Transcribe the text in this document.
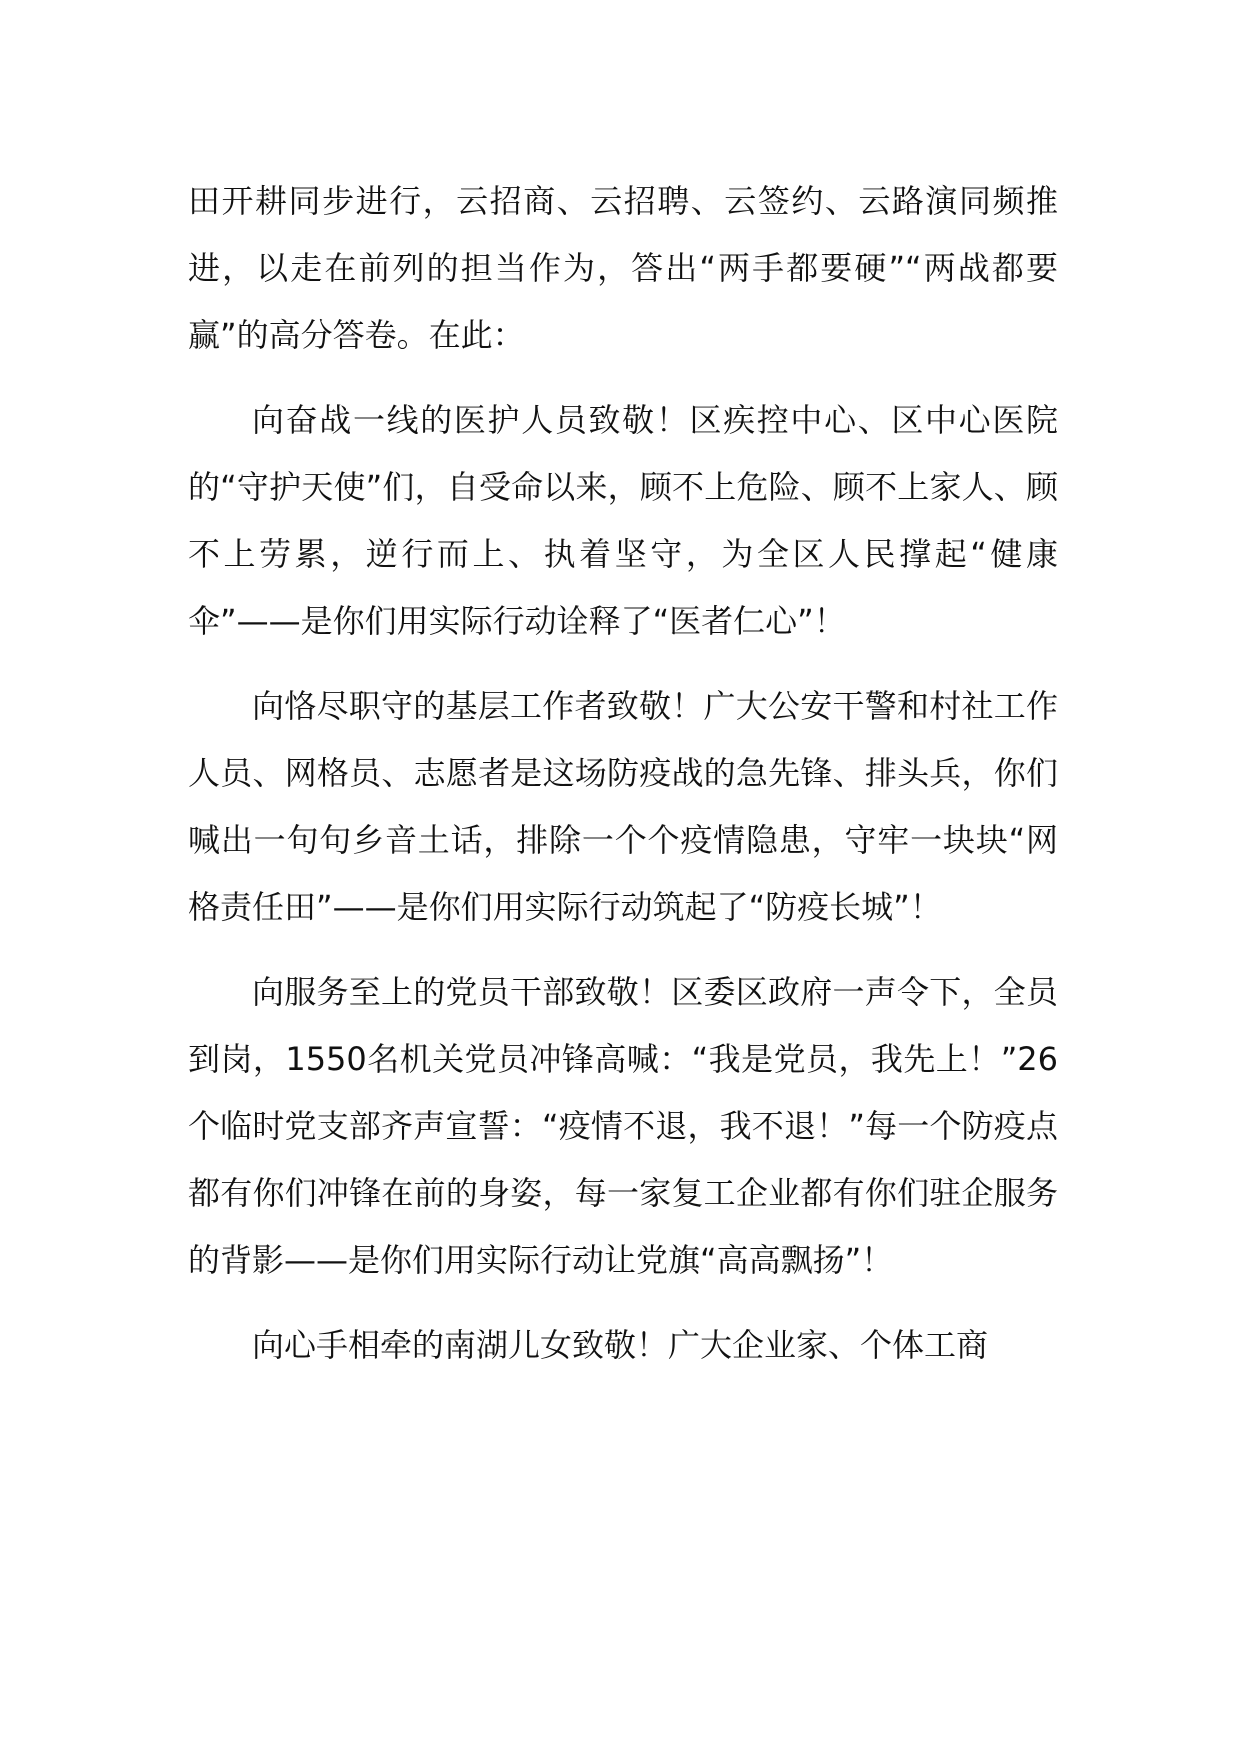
田开耕同步进行，云招商、云招聘、云签约、云路演同频推进，以走在前列的担当作为，答出“两手都要硬”“两战都要赢”的高分答卷。在此：

向奋战一线的医护人员致敬！区疾控中心、区中心医院的“守护天使”们，自受命以来，顾不上危险、顾不上家人、顾不上劳累，逆行而上、执着坚守，为全区人民撑起“健康伞”——是你们用实际行动诠释了“医者仁心”！

向恪尽职守的基层工作者致敬！广大公安干警和村社工作人员、网格员、志愿者是这场防疫战的急先锋、排头兵，你们喊出一句句乡音土话，排除一个个疫情隐患，守牢一块块“网格责任田”——是你们用实际行动筑起了“防疫长城”！

向服务至上的党员干部致敬！区委区政府一声令下，全员到岗，1550名机关党员冲锋高喊：“我是党员，我先上！”26个临时党支部齐声宣誓：“疫情不退，我不退！”每一个防疫点都有你们冲锋在前的身姿，每一家复工企业都有你们驻企服务的背影——是你们用实际行动让党旗“高高飘扬”！

向心手相牵的南湖儿女致敬！广大企业家、个体工商
